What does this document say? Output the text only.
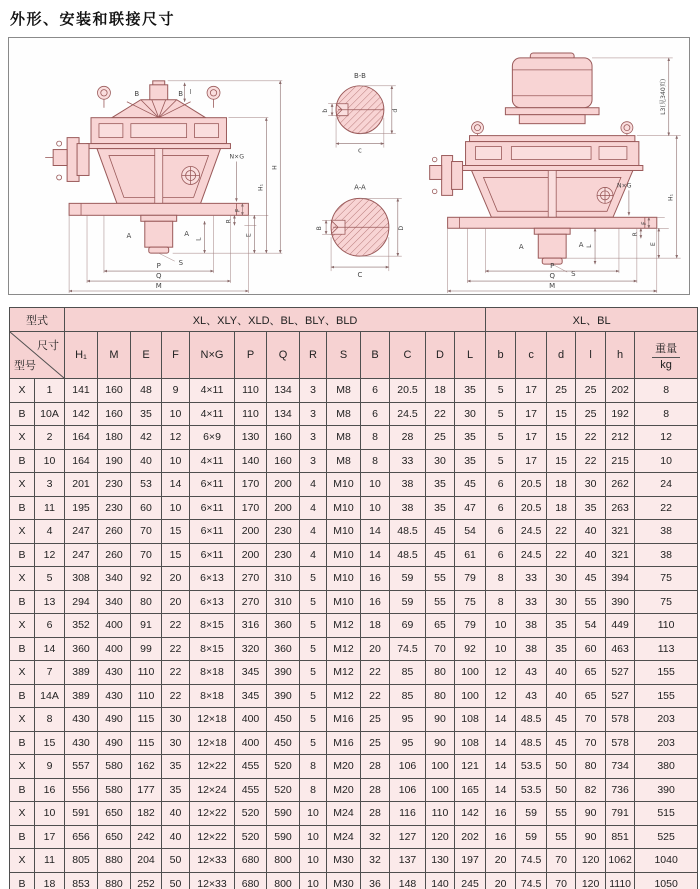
外形、安装和联接尺寸
B	B l
A	A
S
L
N×G
F
R
E
H₁
H
P
Q
M
B-B
b	d
c
A-A
B	D
C
A	A
S
L
N×G
F
R
E
L3(见340页)
H₁
P
Q
M
型式		XL、XLY、XLD、BL、BLY、BLD													XL、BL					

尺寸
型号
	H₁	M	E	F	N×G	P	Q	R	S	B	C	D	L	b	c	d	l	h	
重量
kg

X	1	141	160	48	9	4×11	110	134	3	M8	6	20.5	18	35	5	17	25	25	202	8
B	10A	142	160	35	10	4×11	110	134	3	M8	6	24.5	22	30	5	17	15	25	192	8
X	2	164	180	42	12	6×9	130	160	3	M8	8	28	25	35	5	17	15	22	212	12
B	10	164	190	40	10	4×11	140	160	3	M8	8	33	30	35	5	17	15	22	215	10
X	3	201	230	53	14	6×11	170	200	4	M10	10	38	35	45	6	20.5	18	30	262	24
B	11	195	230	60	10	6×11	170	200	4	M10	10	38	35	47	6	20.5	18	35	263	22
X	4	247	260	70	15	6×11	200	230	4	M10	14	48.5	45	54	6	24.5	22	40	321	38
B	12	247	260	70	15	6×11	200	230	4	M10	14	48.5	45	61	6	24.5	22	40	321	38
X	5	308	340	92	20	6×13	270	310	5	M10	16	59	55	79	8	33	30	45	394	75
B	13	294	340	80	20	6×13	270	310	5	M10	16	59	55	75	8	33	30	55	390	75
X	6	352	400	91	22	8×15	316	360	5	M12	18	69	65	79	10	38	35	54	449	110
B	14	360	400	99	22	8×15	320	360	5	M12	20	74.5	70	92	10	38	35	60	463	113
X	7	389	430	110	22	8×18	345	390	5	M12	22	85	80	100	12	43	40	65	527	155
B	14A	389	430	110	22	8×18	345	390	5	M12	22	85	80	100	12	43	40	65	527	155
X	8	430	490	115	30	12×18	400	450	5	M16	25	95	90	108	14	48.5	45	70	578	203
B	15	430	490	115	30	12×18	400	450	5	M16	25	95	90	108	14	48.5	45	70	578	203
X	9	557	580	162	35	12×22	455	520	8	M20	28	106	100	121	14	53.5	50	80	734	380
B	16	556	580	177	35	12×24	455	520	8	M20	28	106	100	165	14	53.5	50	82	736	390
X	10	591	650	182	40	12×22	520	590	10	M24	28	116	110	142	16	59	55	90	791	515
B	17	656	650	242	40	12×22	520	590	10	M24	32	127	120	202	16	59	55	90	851	525
X	11	805	880	204	50	12×33	680	800	10	M30	32	137	130	197	20	74.5	70	120	1062	1040
B	18	853	880	252	50	12×33	680	800	10	M30	36	148	140	245	20	74.5	70	120	1110	1050
